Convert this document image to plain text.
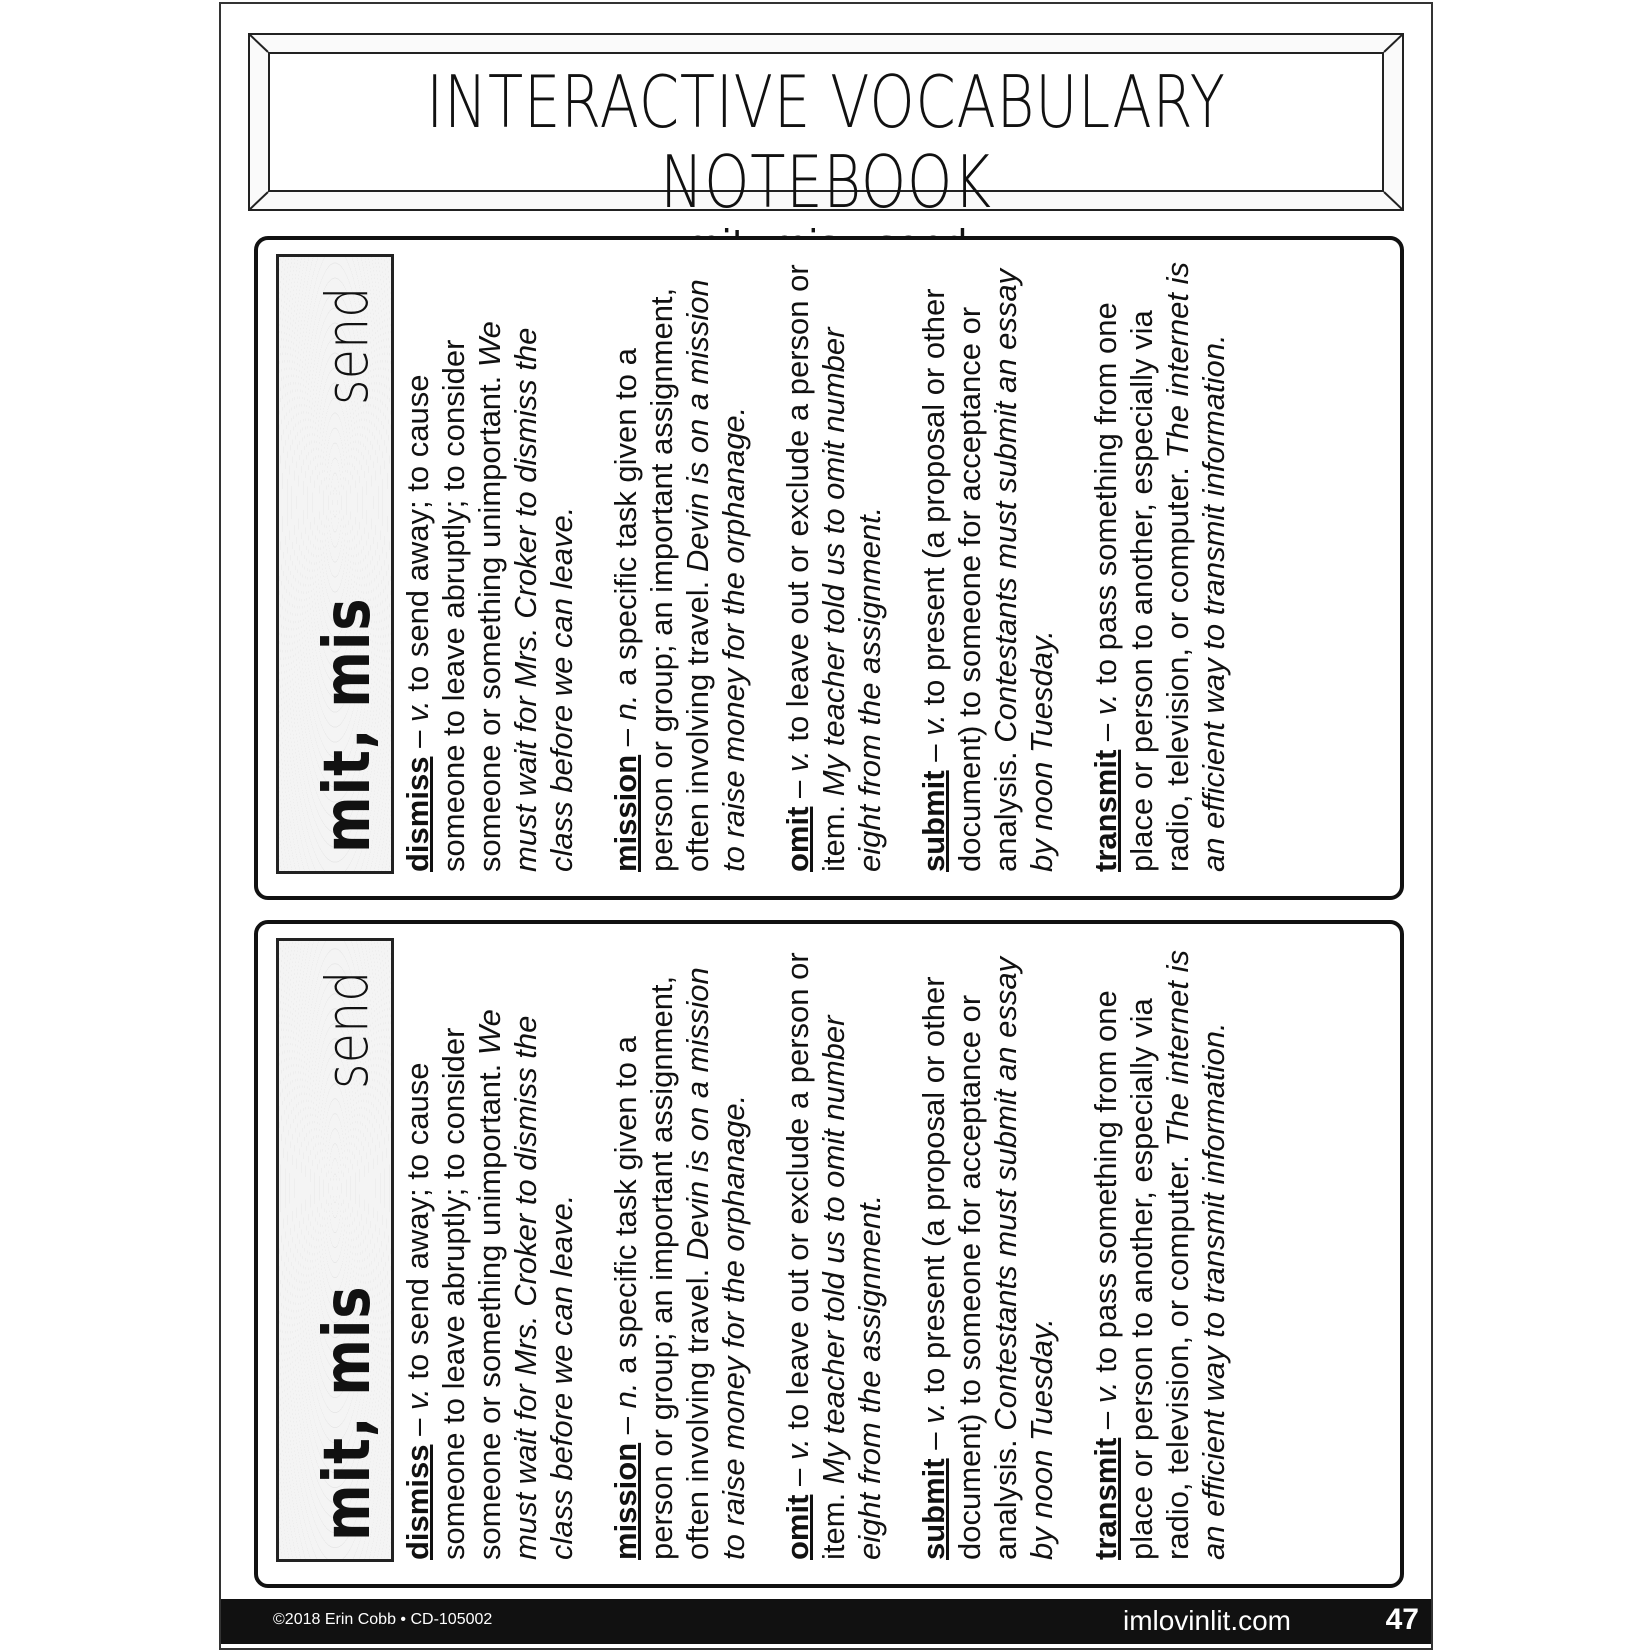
INTERACTIVE VOCABULARY NOTEBOOK
mit, mis
send

dismiss – v. to send away; to cause someone to leave abruptly; to consider someone or something unimportant. We must wait for Mrs. Croker to dismiss the class before we can leave. mission – n. a specific task given to a person or group; an important assignment, often involving travel. Devin is on a mission to raise money for the orphanage. omit – v. to leave out or exclude a person or item. My teacher told us to omit number eight from the assignment. submit – v. to present (a proposal or other document) to someone for acceptance or analysis. Contestants must submit an essay by noon Tuesday. transmit – v. to pass something from one place or person to another, especially via radio, television, or computer. The internet is an efficient way to transmit information.

mit, mis
send

dismiss – v. to send away; to cause someone to leave abruptly; to consider someone or something unimportant. We must wait for Mrs. Croker to dismiss the class before we can leave. mission – n. a specific task given to a person or group; an important assignment, often involving travel. Devin is on a mission to raise money for the orphanage. omit – v. to leave out or exclude a person or item. My teacher told us to omit number eight from the assignment. submit – v. to present (a proposal or other document) to someone for acceptance or analysis. Contestants must submit an essay by noon Tuesday. transmit – v. to pass something from one place or person to another, especially via radio, television, or computer. The internet is an efficient way to transmit information.

©2018 Erin Cobb • CD-105002	imlovinlit.com	47
